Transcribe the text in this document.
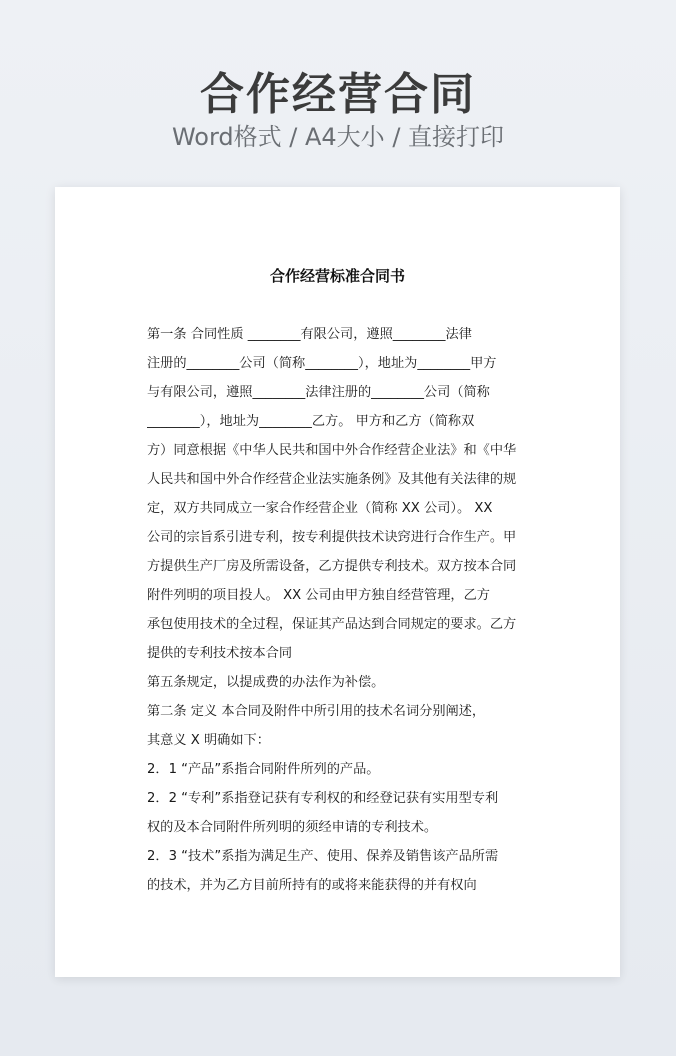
合作经营合同
Word格式 / A4大小 / 直接打印
合作经营标准合同书
第一条 合同性质 ________有限公司，遵照________法律
注册的________公司（简称________），地址为________甲方
与有限公司，遵照________法律注册的________公司（简称
________），地址为________乙方。 甲方和乙方（简称双
方）同意根据《中华人民共和国中外合作经营企业法》和《中华
人民共和国中外合作经营企业法实施条例》及其他有关法律的规
定，双方共同成立一家合作经营企业（简称 XX 公司）。 XX
公司的宗旨系引进专利，按专利提供技术诀窍进行合作生产。甲
方提供生产厂房及所需设备，乙方提供专利技术。双方按本合同
附件列明的项目投人。 XX 公司由甲方独自经营管理，乙方
承包使用技术的全过程，保证其产品达到合同规定的要求。乙方
提供的专利技术按本合同
第五条规定，以提成费的办法作为补偿。
第二条 定义 本合同及附件中所引用的技术名词分别阐述，
其意义 X 明确如下：
2．1 “产品”系指合同附件所列的产品。
2．2 “专利”系指登记获有专利权的和经登记获有实用型专利
权的及本合同附件所列明的须经申请的专利技术。
2．3 “技术”系指为满足生产、使用、保养及销售该产品所需
的技术，并为乙方目前所持有的或将来能获得的并有权向
